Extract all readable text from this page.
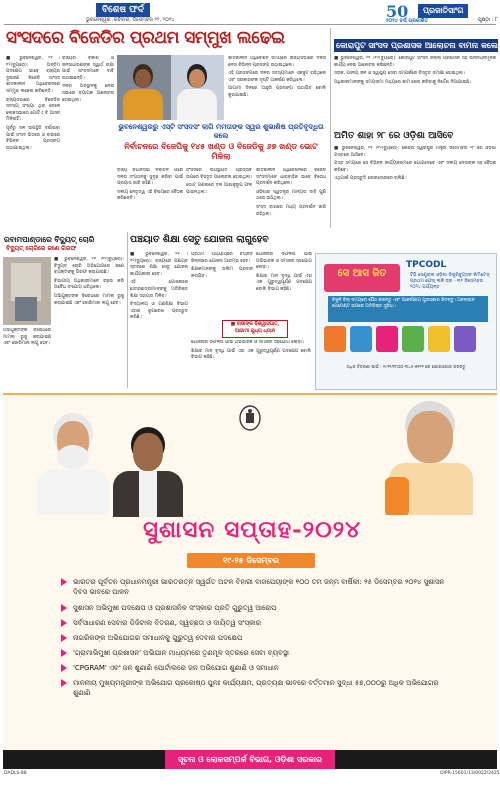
ବିଶେଷ ଫର୍ଦ
ଭୁବନେଶ୍ୱର ,ରବିବାର, ଡିସେମ୍ବର ୨୨, ୨୦୨୪	50
୨୦୨୪ ବର୍ଷ ପ୍ରକାଶିତ
ପ୍ରଜାତିସାଂଗ
ପୃଷ୍ଠା : ୮
ସଂସଦରେ ବିଜେଡିର ପ୍ରଥମ ସମ୍ମୁଖ ଲଢେଇ
■ ଭୁବନେଶ୍ୱର, ୨୧ ।୧୨(ବ୍ୟୁରୋ): ଅନ୍ତିମ ପଦକ୍ଷେପ ଭାବେ ରାଜ୍ୟର ଦୁଇଜଣ ବିଜେଡି ସାଂସଦ ଶୀତକାଳୀନ ଅଧିବେଶନରେ ସମ୍ମୁଖ ଲଢେଇ କରିଛନ୍ତି।
ରାଜ୍ୟସଭାରେ ବିଜେଡିର ସଦସ୍ୟ ସଂଖ୍ୟା ଥିବା ବେଳେ ଲୋକସଭାରେ ଗୋଟିଏ ବି ଆସନ ମିଳିନାହିଁ।
ପୂର୍ବରୁ ଦଳ ଉପସ୍ଥିତି ଦର୍ଶାଇବା ପାଇଁ ସଂସଦ ଭିତରେ ଓ ବାହାରେ ବିଭିନ୍ନ ପ୍ରସଙ୍ଗ ଉଠାଯାଇଥିଲା।
ରାଜ୍ୟର ବିକାଶ ଓ ଜନସାଧାରଣଙ୍କ ସ୍ୱାର୍ଥ ରକ୍ଷା ପାଇଁ ସାଂସଦମାନେ ଦାବି ଉଠାଇଛନ୍ତି।
ଦଳର ଅବସ୍ଥାନକୁ ନେଇ ସଭାରେ ବ୍ୟାପକ ଆଲୋଚନା ହୋଇଥିଲା।
ଭୁବନେଶ୍ୱରରୁ ଏସ୍‌ଟି ସଂସଦସଂ ଲାଗି ମମତାଙ୍କ ସ୍ୱର ଶୁଭାଶିଷ ପ୍ରତିବୃଦ୍ଧିତା କଲେ
ନିର୍ବାଚନରେ ବିଜେପିକୁ ୧୪୫ ଖଣ୍ଡ ଓ ବିଜେଡିକୁ ୬୭ ଖଣ୍ଡ ଭୋଟ ମିଳିଲା
ରାଜ୍ୟ ବିଧାନସଭା ନିର୍ବାଚନ ପରେ ଦଳର ସଂଗଠନକୁ ସୁଦୃଢ଼ କରିବା ପାଇଁ ପ୍ରୟାସ ଜାରି ରହିଛି।
ଦଳୀୟ ନେତୃତ୍ୱ ଏହି ବିଷୟରେ ବୈଠକ କରିଛନ୍ତି।
ସଂସଦରେ ଉପସ୍ଥାପିତ ପ୍ରସ୍ତାବ ଉପରେ ବିସ୍ତୃତ ଆଲୋଚନା ହୋଇଥିଲା।
ଭୋଟ୍ ଗଣନାରେ ଦଳ ଆଶାନୁରୂପ ଫଳ ପାଇନଥିଲା।
ଶୀତକାଳୀନ ଅଧିବେଶନ ସମୟରେ ରାଜ୍ୟସଭାରେ ଦଳର ନେତା ବିଭିନ୍ନ ପ୍ରସଙ୍ଗ ଉଠାଇଥିଲେ।
ଏହି ପ୍ରସଙ୍ଗରେ ଦଳର ସଦସ୍ୟମାନେ ଏକଜୁଟ ରହିଥିଲେ ଏବଂ ସରକାରଙ୍କ ଦୃଷ୍ଟି ଆକର୍ଷଣ କରିଥିଲେ।
ଆଗାମୀ ଦିନରେ ଆହୁରି ପ୍ରସଙ୍ଗ ଉଠାଯିବ ବୋଲି କୁହାଯାଇଛି।
ଶୀତକାଳୀନ ଅଧିବେଶନରେ ବିଜେଡି ସାଂସଦମାନେ ଧାରାବାହିକ ଭାବେ ବିରୋଧ ପ୍ରଦର୍ଶନ କରିଥିଲେ।
ଓଡ଼ିଶାର ସ୍ୱତନ୍ତ୍ର ମାନ୍ୟତା ଦାବି ପୁଣି ଥରେ ଉଠିଥିଲା।
ସଂସଦ ବାହାରେ ମଧ୍ୟ ପ୍ରଦର୍ଶନ ଜାରି ରହିଥିଲା।
କୋରାପୁଟ ସାଂସଦ ପ୍ରଶାସକ ଆଲୋଚନା ବାମନା କଲେ
■ ଭୁବନେଶ୍ୱର, ୨୧ ।୧୨(ବ୍ୟୁରୋ): କୋରାପୁଟ ସାଂସଦ ଜିଲ୍ଲା ପ୍ରଶାସନ ସହ ଉନ୍ନୟନମୂଳକ କାର୍ଯ୍ୟ ନେଇ ଆଲୋଚନା କରିଛନ୍ତି।
ସଡ଼କ, ପାନୀୟ ଜଳ ଓ ସ୍ୱାସ୍ଥ୍ୟ ସେବା ସମ୍ପର୍କରେ ବିସ୍ତୃତ ସମୀକ୍ଷା ହୋଇଥିଲା।
ଅଧିକାରୀମାନଙ୍କୁ ସମୟସୀମା ମଧ୍ୟରେ କାମ ଶେଷ କରିବାକୁ ନିର୍ଦ୍ଦେଶ ଦିଆଯାଇଛି।
ଅମିତ ଶାହା ୨୮ ରେ ଓଡ଼ିଶା ଆସିବେ
■ ଭୁବନେଶ୍ୱର, ୨୧ ।୧୨(ବ୍ୟୁରୋ): କେନ୍ଦ୍ର ସ୍ୱରାଷ୍ଟ୍ର ମନ୍ତ୍ରୀ ଡିସେମ୍ବର ୨୮ ରେ ଓଡ଼ିଶା ଗସ୍ତରେ ଆସିବେ।
ଗସ୍ତ ସମୟରେ ସେ ବିଭିନ୍ନ କାର୍ଯ୍ୟକ୍ରମରେ ଯୋଗଦେବେ ଏବଂ ଦଳୀୟ ନେତାଙ୍କ ସହ ବୈଠକ କରିବେ।
ଏଥିପାଇଁ ପ୍ରସ୍ତୁତି ଜୋରସୋରରେ ଚାଲିଛି।
ରବାମପାଣ୍ଡାରେ ବିଦ୍ୟୁତ୍ ଚୋରି
ବିଦ୍ୟୁତ୍ ଚୋରିରେ ଜଣେ ଗିରଫ
■ ଭୁବନେଶ୍ୱର, ୨୧ ।୧୨(ବ୍ୟୁରୋ): ବିଦ୍ୟୁତ୍ ଚୋରି ଅଭିଯୋଗରେ ଜଣେ ବ୍ୟକ୍ତିଙ୍କୁ ଗିରଫ କରାଯାଇଛି।
ବିଭାଗୀୟ ଅଧିକାରୀମାନେ ଚଢ଼ଉ କରି ଅବୈଧ ସଂଯୋଗ ଧରିଥିଲେ।
ଅଭିଯୁକ୍ତଙ୍କ ବିରୋଧରେ ମାମଲା ରୁଜୁ କରାଯାଇଛି ଏବଂ ଜୋରିମାନା ଲାଗୁ ହେବ।
ଅଭିଯୁକ୍ତଙ୍କ ବିରୋଧରେ ମାମଲା ରୁଜୁ କରାଯାଇଛି ଏବଂ ଜୋରିମାନା ଲାଗୁ ହେବ।
ପଞ୍ଚୟାତ ଶିକ୍ଷା ସେତୁ ଯୋଜନା ଲାଗୁହେବ
■ ଭୁବନେଶ୍ୱର, ୨୧ ।୧୨(ବ୍ୟୁରୋ): ରାଜ୍ୟରେ ପଞ୍ଚାୟତ ସ୍ତରରେ ଶିକ୍ଷା ସେତୁ ଯୋଜନା କାର୍ଯ୍ୟକାରୀ ହେବ।
ଏହି ଯୋଜନାରେ ଛାତ୍ରଛାତ୍ରୀମାନଙ୍କୁ ଅତିରିକ୍ତ ଶିକ୍ଷା ସହାୟତା ମିଳିବ।
ବିଦ୍ୟାଳୟ ଓ ଗଣଶିକ୍ଷା ବିଭାଗ ଏହାର ରୂପରେଖ ପ୍ରସ୍ତୁତ କରିଛି।
ପ୍ରଥମ ପର୍ଯ୍ୟାୟରେ ଚୟନିତ ଜିଲ୍ଲାରେ ଯୋଜନା ଆରମ୍ଭ ହେବ।
ଶିକ୍ଷକମାନଙ୍କୁ ତାଲିମ ପ୍ରଦାନ କରାଯିବ।
■ ଚାଷୀଙ୍କ ବିଶ୍ୱାସଘାତ, ଆଗାମୀ ଯୁଧ୍ୟ ଧ୍ୟାନ
ଯୋଜନାର ସଫଳତା ପାଇଁ ଅଭିଭାବକ ଓ ସମାଜର ସହଯୋଗ ଲୋଡ଼ା।
ଶିକ୍ଷାର ମାନ ବୃଦ୍ଧି ପାଇଁ ଏହା ଏକ ଗୁରୁତ୍ୱପୂର୍ଣ୍ଣ ପଦକ୍ଷେପ ବୋଲି ବିଭାଗ କହିଛି।
ଯୋଜନାର ସଫଳତା ପାଇଁ ଅଭିଭାବକ ଓ ସମାଜର ସହଯୋଗ ଲୋଡ଼ା।
ଶିକ୍ଷାର ମାନ ବୃଦ୍ଧି ପାଇଁ ଏହା ଏକ ଗୁରୁତ୍ୱପୂର୍ଣ୍ଣ ପଦକ୍ଷେପ ବୋଲି ବିଭାଗ କହିଛି।
ସେ ଆସ ଜିତ
TPCODL
ଟିପି ସେଣ୍ଟ୍ରାଲ ଓଡ଼ିଶା ଡିଷ୍ଟ୍ରିବ୍ୟୁସନ ଲିମିଟେଡ୍
ପ୍ରଥମ ଫେଜ୍ ଲକି ଡ୍ର - ୩୧ ଡିସେମ୍ବର ୨୦୨୪ ପର୍ଯ୍ୟନ୍ତ
ବିଜୁଳି ବିଲ୍ ସମୟରେ ପୈଠ କରନ୍ତୁ ଏବଂ ଆକର୍ଷଣୀୟ ପୁରସ୍କାର ଜିତନ୍ତୁ। ଅନଲାଇନ ପେମେଣ୍ଟ ଉପରେ ଅତିରିକ୍ତ ସୁବିଧା।
ଅଧିକ ବିବରଣୀ ପାଇଁ : ୧୯୧୨/୧୮୦୦-୩୪୫-୭୧୨୨ ରେ ଯୋଗାଯୋଗ କରନ୍ତୁ
ସୁଶାସନ ସପ୍ତାହ-୨୦୨୪
୧୯-୨୫ ଡିସେମ୍ବର
ଭାରତର ପୂର୍ବତନ ପ୍ରଧାନମନ୍ତ୍ରୀ ଭାରତରତ୍ନ ସ୍ୱର୍ଗତ ଅଟଳ ବିହାରୀ ବାଜପେୟୀଙ୍କ ୧୦୦ ତମ ଜନ୍ମ ବାର୍ଷିକୀ: ୨୫ ଡିସେମ୍ବର ୨୦୨୪ ସୁଶାସନ ଦିବସ ଭାବରେ ପାଳନ
ସୁଶାସନ ଅଭିମୁଖୀ ପଦକ୍ଷେପ ଓ ପ୍ରଶାସନିକ ସଂସ୍କାର ପ୍ରତି ଗୁରୁତ୍ୱ ଆରୋପ
ସର୍ବସାଧାରଣ ସେବାର ଡିଜିଟାଲ ବିତରଣ, ସ୍ୱଚ୍ଛତା ଓ ଦାୟିତ୍ୱ ସଂସ୍କାର
ନାଗରିକଙ୍କ ଅଭିଯୋଗର ସମାଧାନକୁ ଗୁରୁତ୍ୱ ଦେବାର ପଦକ୍ଷେପ
'ଗ୍ରାମାଭିମୁଖୀ ପ୍ରଶାସନ' ଅଭିଯାନ ମାଧ୍ୟମରେ ତୃଣମୂଳ ସ୍ତରରେ ସେବା ବ୍ୟବସ୍ଥା
'CPGRAM' ଏବଂ ଜନ ଶୁଣାଣି ପୋର୍ଟାଲରେ ଜନ ଅଭିଯୋଗ ଶୁଣାଣି ଓ ସମାଧାନ
ମାନନୀୟ ମୁଖ୍ୟମନ୍ତ୍ରୀଙ୍କ ଅଭିଯୋଗ ପ୍ରକୋଷ୍ଠ ପୁନଃ କାର୍ଯ୍ୟକ୍ଷମ, ପ୍ରତ୍ୟକ୍ଷ ଭାବରେ ବର୍ତ୍ତମାନ ସୁଦ୍ଧା ୫୭,୦୦୦ରୁ ଅଧିକ ଅଭିଯୋଗର ଶୁଣାଣି
ସୂଚନା ଓ ଲୋକସମ୍ପର୍କ ବିଭାଗ, ଓଡ଼ିଶା ସରକାର
DADLS-88	OIPR-15601/13/0022/2425
